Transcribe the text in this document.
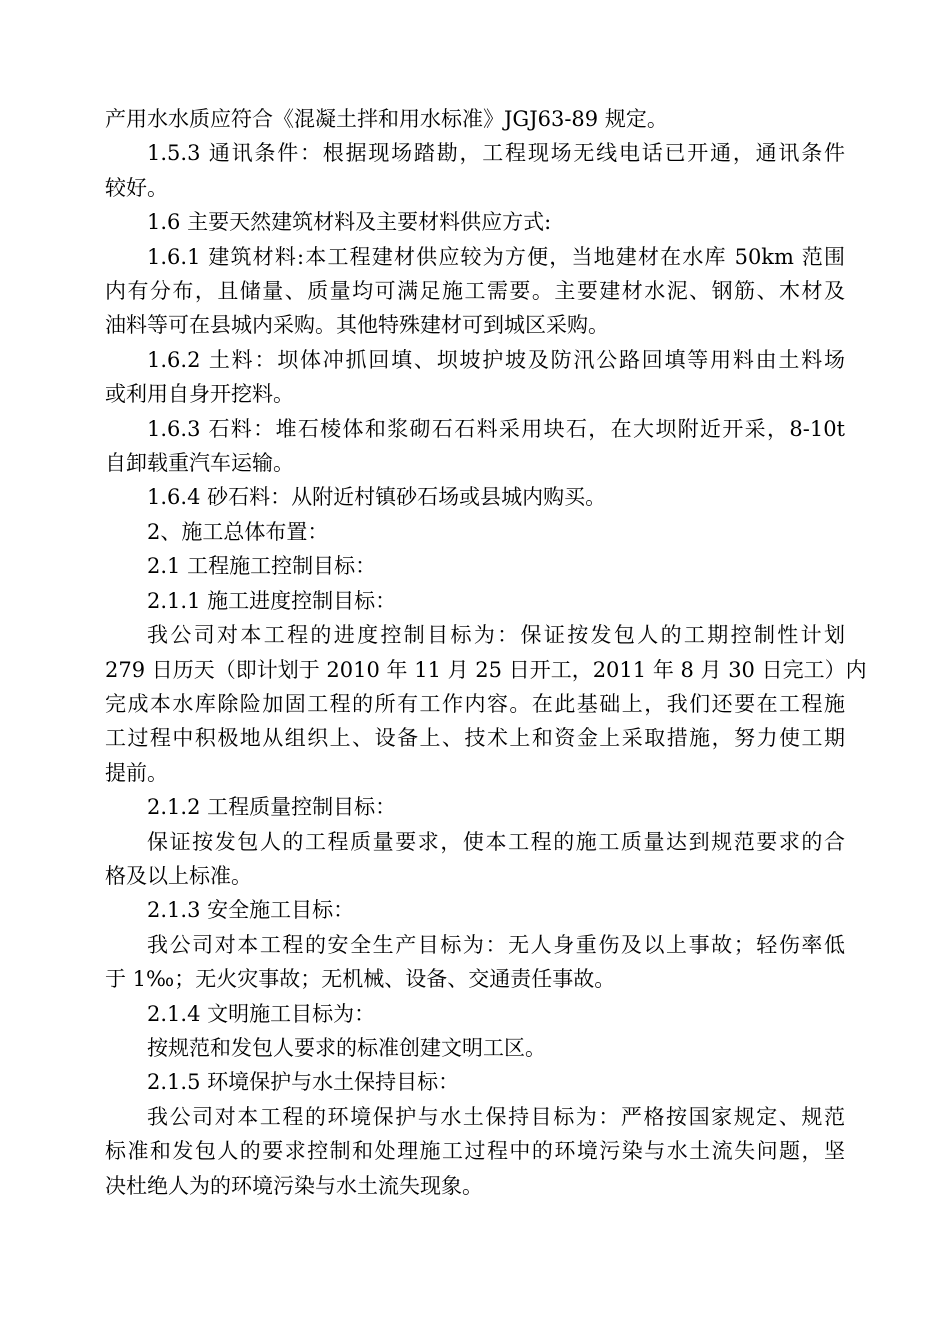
产用水水质应符合《混凝土拌和用水标准》JGJ63-89 规定。
1.5.3 通讯条件：根据现场踏勘，工程现场无线电话已开通，通讯条件
较好。
1.6 主要天然建筑材料及主要材料供应方式:
1.6.1 建筑材料:本工程建材供应较为方便，当地建材在水库 50km 范围
内有分布，且储量、质量均可满足施工需要。主要建材水泥、钢筋、木材及
油料等可在县城内采购。其他特殊建材可到城区采购。
1.6.2 土料：坝体冲抓回填、坝坡护坡及防汛公路回填等用料由土料场
或利用自身开挖料。
1.6.3 石料：堆石棱体和浆砌石石料采用块石，在大坝附近开采，8-10t
自卸载重汽车运输。
1.6.4 砂石料：从附近村镇砂石场或县城内购买。
2、施工总体布置：
2.1 工程施工控制目标：
2.1.1 施工进度控制目标：
我公司对本工程的进度控制目标为：保证按发包人的工期控制性计划
279 日历天（即计划于 2010 年 11 月 25 日开工，2011 年 8 月 30 日完工）内
完成本水库除险加固工程的所有工作内容。在此基础上，我们还要在工程施
工过程中积极地从组织上、设备上、技术上和资金上采取措施，努力使工期
提前。
2.1.2 工程质量控制目标：
保证按发包人的工程质量要求，使本工程的施工质量达到规范要求的合
格及以上标准。
2.1.3 安全施工目标：
我公司对本工程的安全生产目标为：无人身重伤及以上事故；轻伤率低
于 1‰；无火灾事故；无机械、设备、交通责任事故。
2.1.4 文明施工目标为：
按规范和发包人要求的标准创建文明工区。
2.1.5 环境保护与水土保持目标：
我公司对本工程的环境保护与水土保持目标为：严格按国家规定、规范
标准和发包人的要求控制和处理施工过程中的环境污染与水土流失问题，坚
决杜绝人为的环境污染与水土流失现象。
